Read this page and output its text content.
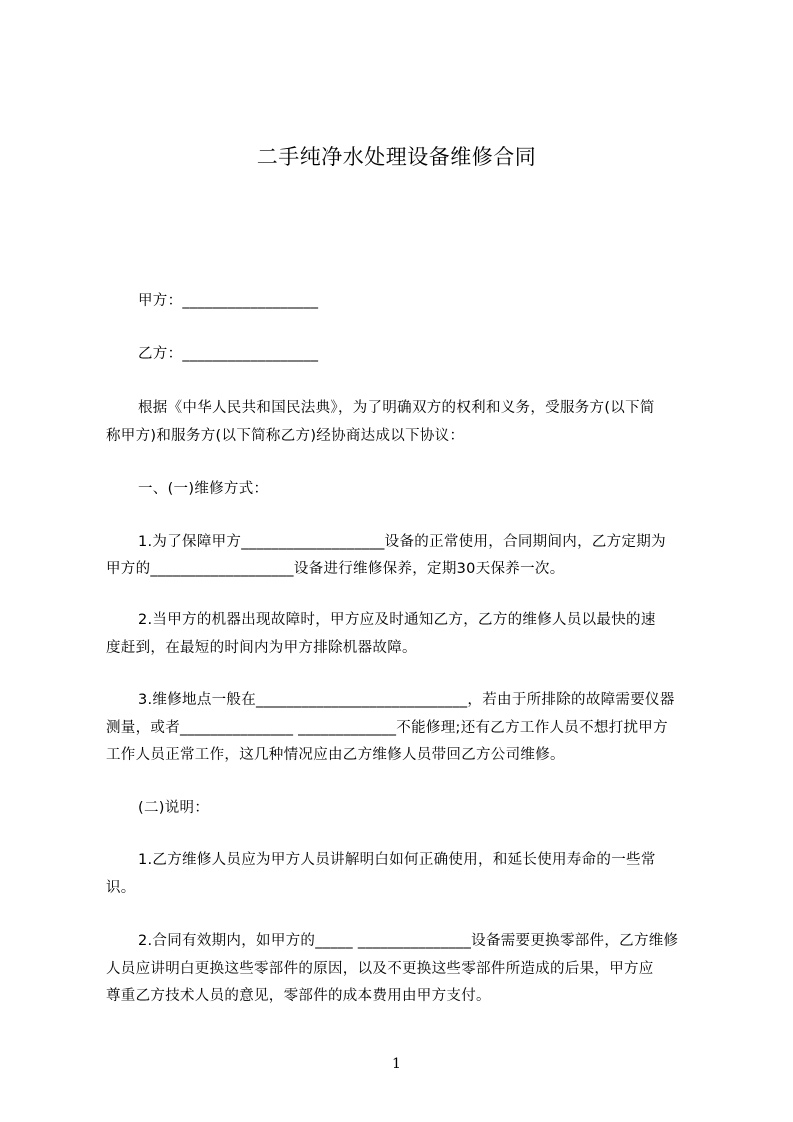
二手纯净水处理设备维修合同
甲方：__________________
乙方：__________________
根据《中华人民共和国民法典》，为了明确双方的权利和义务，受服务方(以下简
称甲方)和服务方(以下简称乙方)经协商达成以下协议：
一、(一)维修方式：
1.为了保障甲方___________________设备的正常使用，合同期间内，乙方定期为
甲方的___________________设备进行维修保养，定期30天保养一次。
2.当甲方的机器出现故障时，甲方应及时通知乙方，乙方的维修人员以最快的速
度赶到，在最短的时间内为甲方排除机器故障。
3.维修地点一般在____________________________，若由于所排除的故障需要仪器
测量，或者_______________ _____________不能修理;还有乙方工作人员不想打扰甲方
工作人员正常工作，这几种情况应由乙方维修人员带回乙方公司维修。
(二)说明：
1.乙方维修人员应为甲方人员讲解明白如何正确使用，和延长使用寿命的一些常
识。
2.合同有效期内，如甲方的_____ _______________设备需要更换零部件，乙方维修
人员应讲明白更换这些零部件的原因，以及不更换这些零部件所造成的后果，甲方应
尊重乙方技术人员的意见，零部件的成本费用由甲方支付。
1
